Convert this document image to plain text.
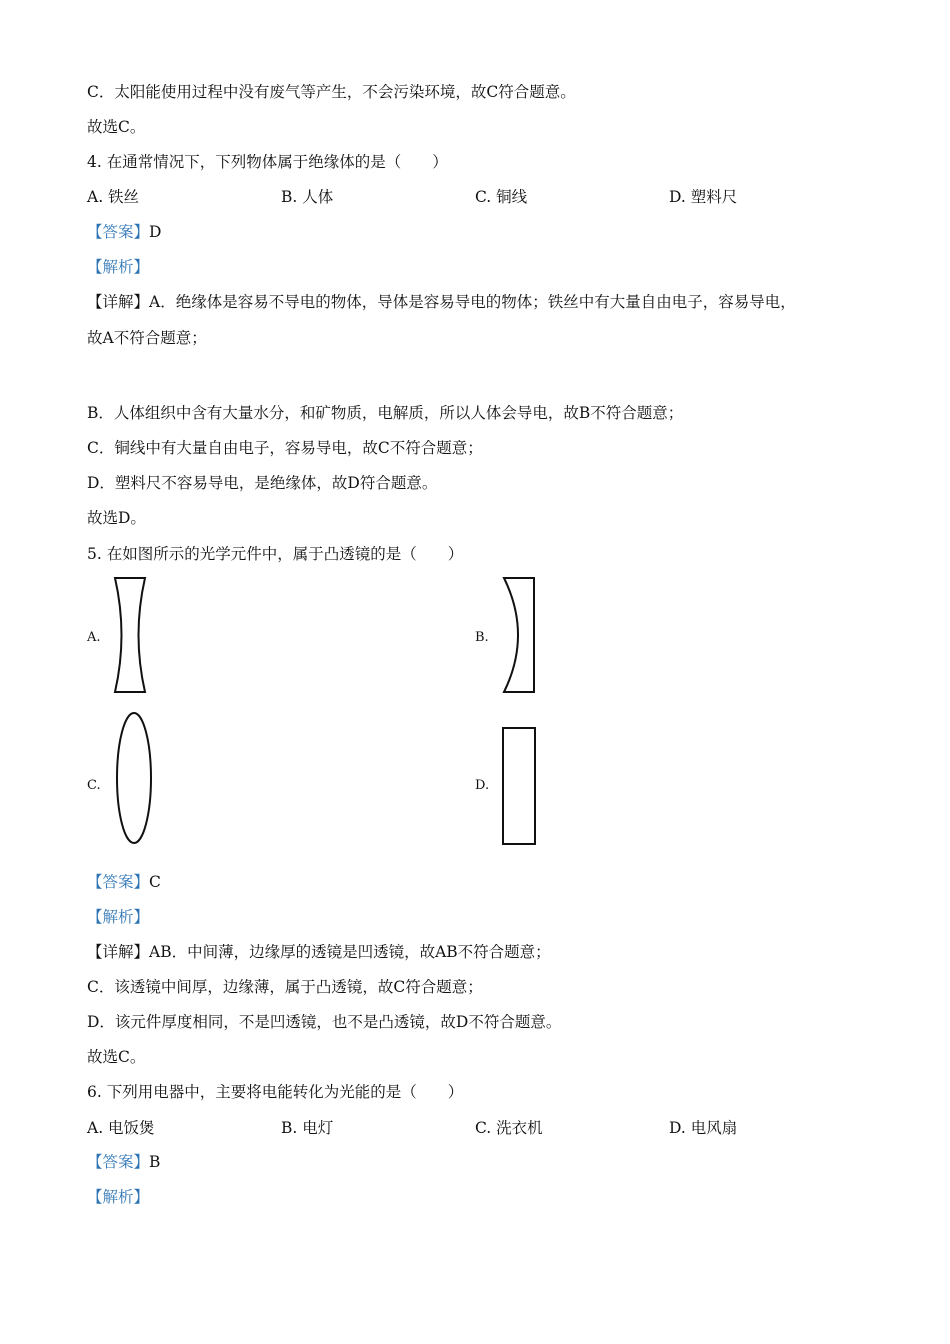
C．太阳能使用过程中没有废气等产生，不会污染环境，故C符合题意。
故选C。
4. 在通常情况下，下列物体属于绝缘体的是（　　）
A. 铁丝	B. 人体	C. 铜线	D. 塑料尺
【答案】D
【解析】
【详解】A．绝缘体是容易不导电的物体，导体是容易导电的物体；铁丝中有大量自由电子，容易导电，
故A不符合题意；
B．人体组织中含有大量水分，和矿物质，电解质，所以人体会导电，故B不符合题意；
C．铜线中有大量自由电子，容易导电，故C不符合题意；
D．塑料尺不容易导电，是绝缘体，故D符合题意。
故选D。
5. 在如图所示的光学元件中，属于凸透镜的是（　　）
A.	B.
C.	D.
【答案】C
【解析】
【详解】AB．中间薄，边缘厚的透镜是凹透镜，故AB不符合题意；
C．该透镜中间厚，边缘薄，属于凸透镜，故C符合题意；
D．该元件厚度相同，不是凹透镜，也不是凸透镜，故D不符合题意。
故选C。
6. 下列用电器中，主要将电能转化为光能的是（　　）
A. 电饭煲	B. 电灯	C. 洗衣机	D. 电风扇
【答案】B
【解析】
